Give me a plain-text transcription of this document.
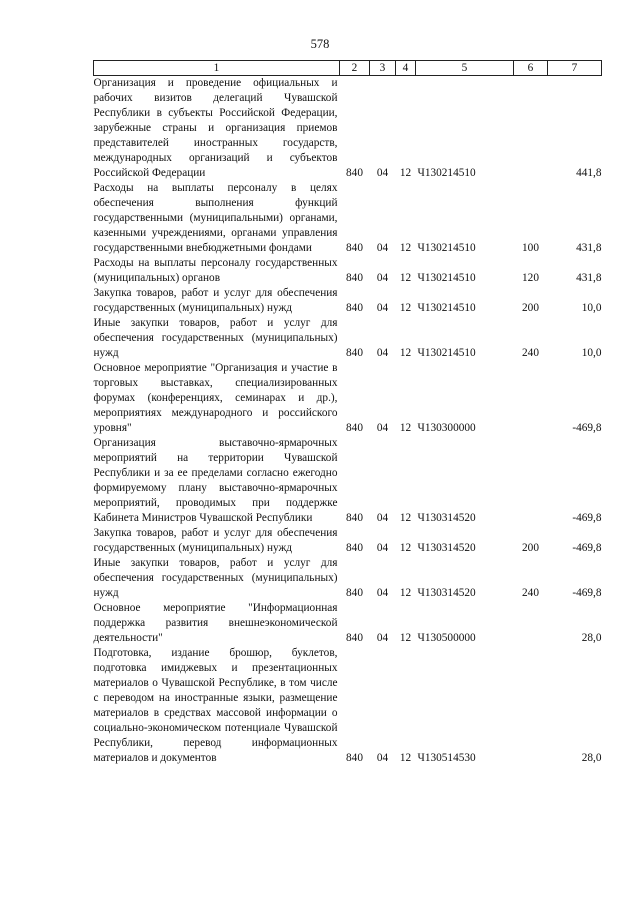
578
1	2	3	4	5	6	7
Организация и проведение официальных и рабочих визитов делегаций Чувашской Республики в субъекты Российской Федерации, зарубежные страны и организация приемов представителей иностранных государств, международных организаций и субъектов Российской Федерации	840	04	12	Ч130214510		441,8
Расходы на выплаты персоналу в целях обеспечения выполнения функций государственными (муниципальными) органами, казенными учреждениями, органами управления государственными внебюджетными фондами	840	04	12	Ч130214510	100	431,8
Расходы на выплаты персоналу государственных (муниципальных) органов	840	04	12	Ч130214510	120	431,8
Закупка товаров, работ и услуг для обеспечения государственных (муниципальных) нужд	840	04	12	Ч130214510	200	10,0
Иные закупки товаров, работ и услуг для обеспечения государственных (муниципальных) нужд	840	04	12	Ч130214510	240	10,0
Основное мероприятие "Организация и участие в торговых выставках, специализированных форумах (конференциях, семинарах и др.), мероприятиях международного и российского уровня"	840	04	12	Ч130300000		-469,8
Организация выставочно-ярмарочных мероприятий на территории Чувашской Республики и за ее пределами согласно ежегодно формируемому плану выставочно-ярмарочных мероприятий, проводимых при поддержке Кабинета Министров Чувашской Республики	840	04	12	Ч130314520		-469,8
Закупка товаров, работ и услуг для обеспечения государственных (муниципальных) нужд	840	04	12	Ч130314520	200	-469,8
Иные закупки товаров, работ и услуг для обеспечения государственных (муниципальных) нужд	840	04	12	Ч130314520	240	-469,8
Основное мероприятие "Информационная поддержка развития внешнеэкономической деятельности"	840	04	12	Ч130500000		28,0
Подготовка, издание брошюр, буклетов, подготовка имиджевых и презентационных материалов о Чувашской Республике, в том числе с переводом на иностранные языки, размещение материалов в средствах массовой информации о социально-экономическом потенциале Чувашской Республики, перевод информационных материалов и документов	840	04	12	Ч130514530		28,0
